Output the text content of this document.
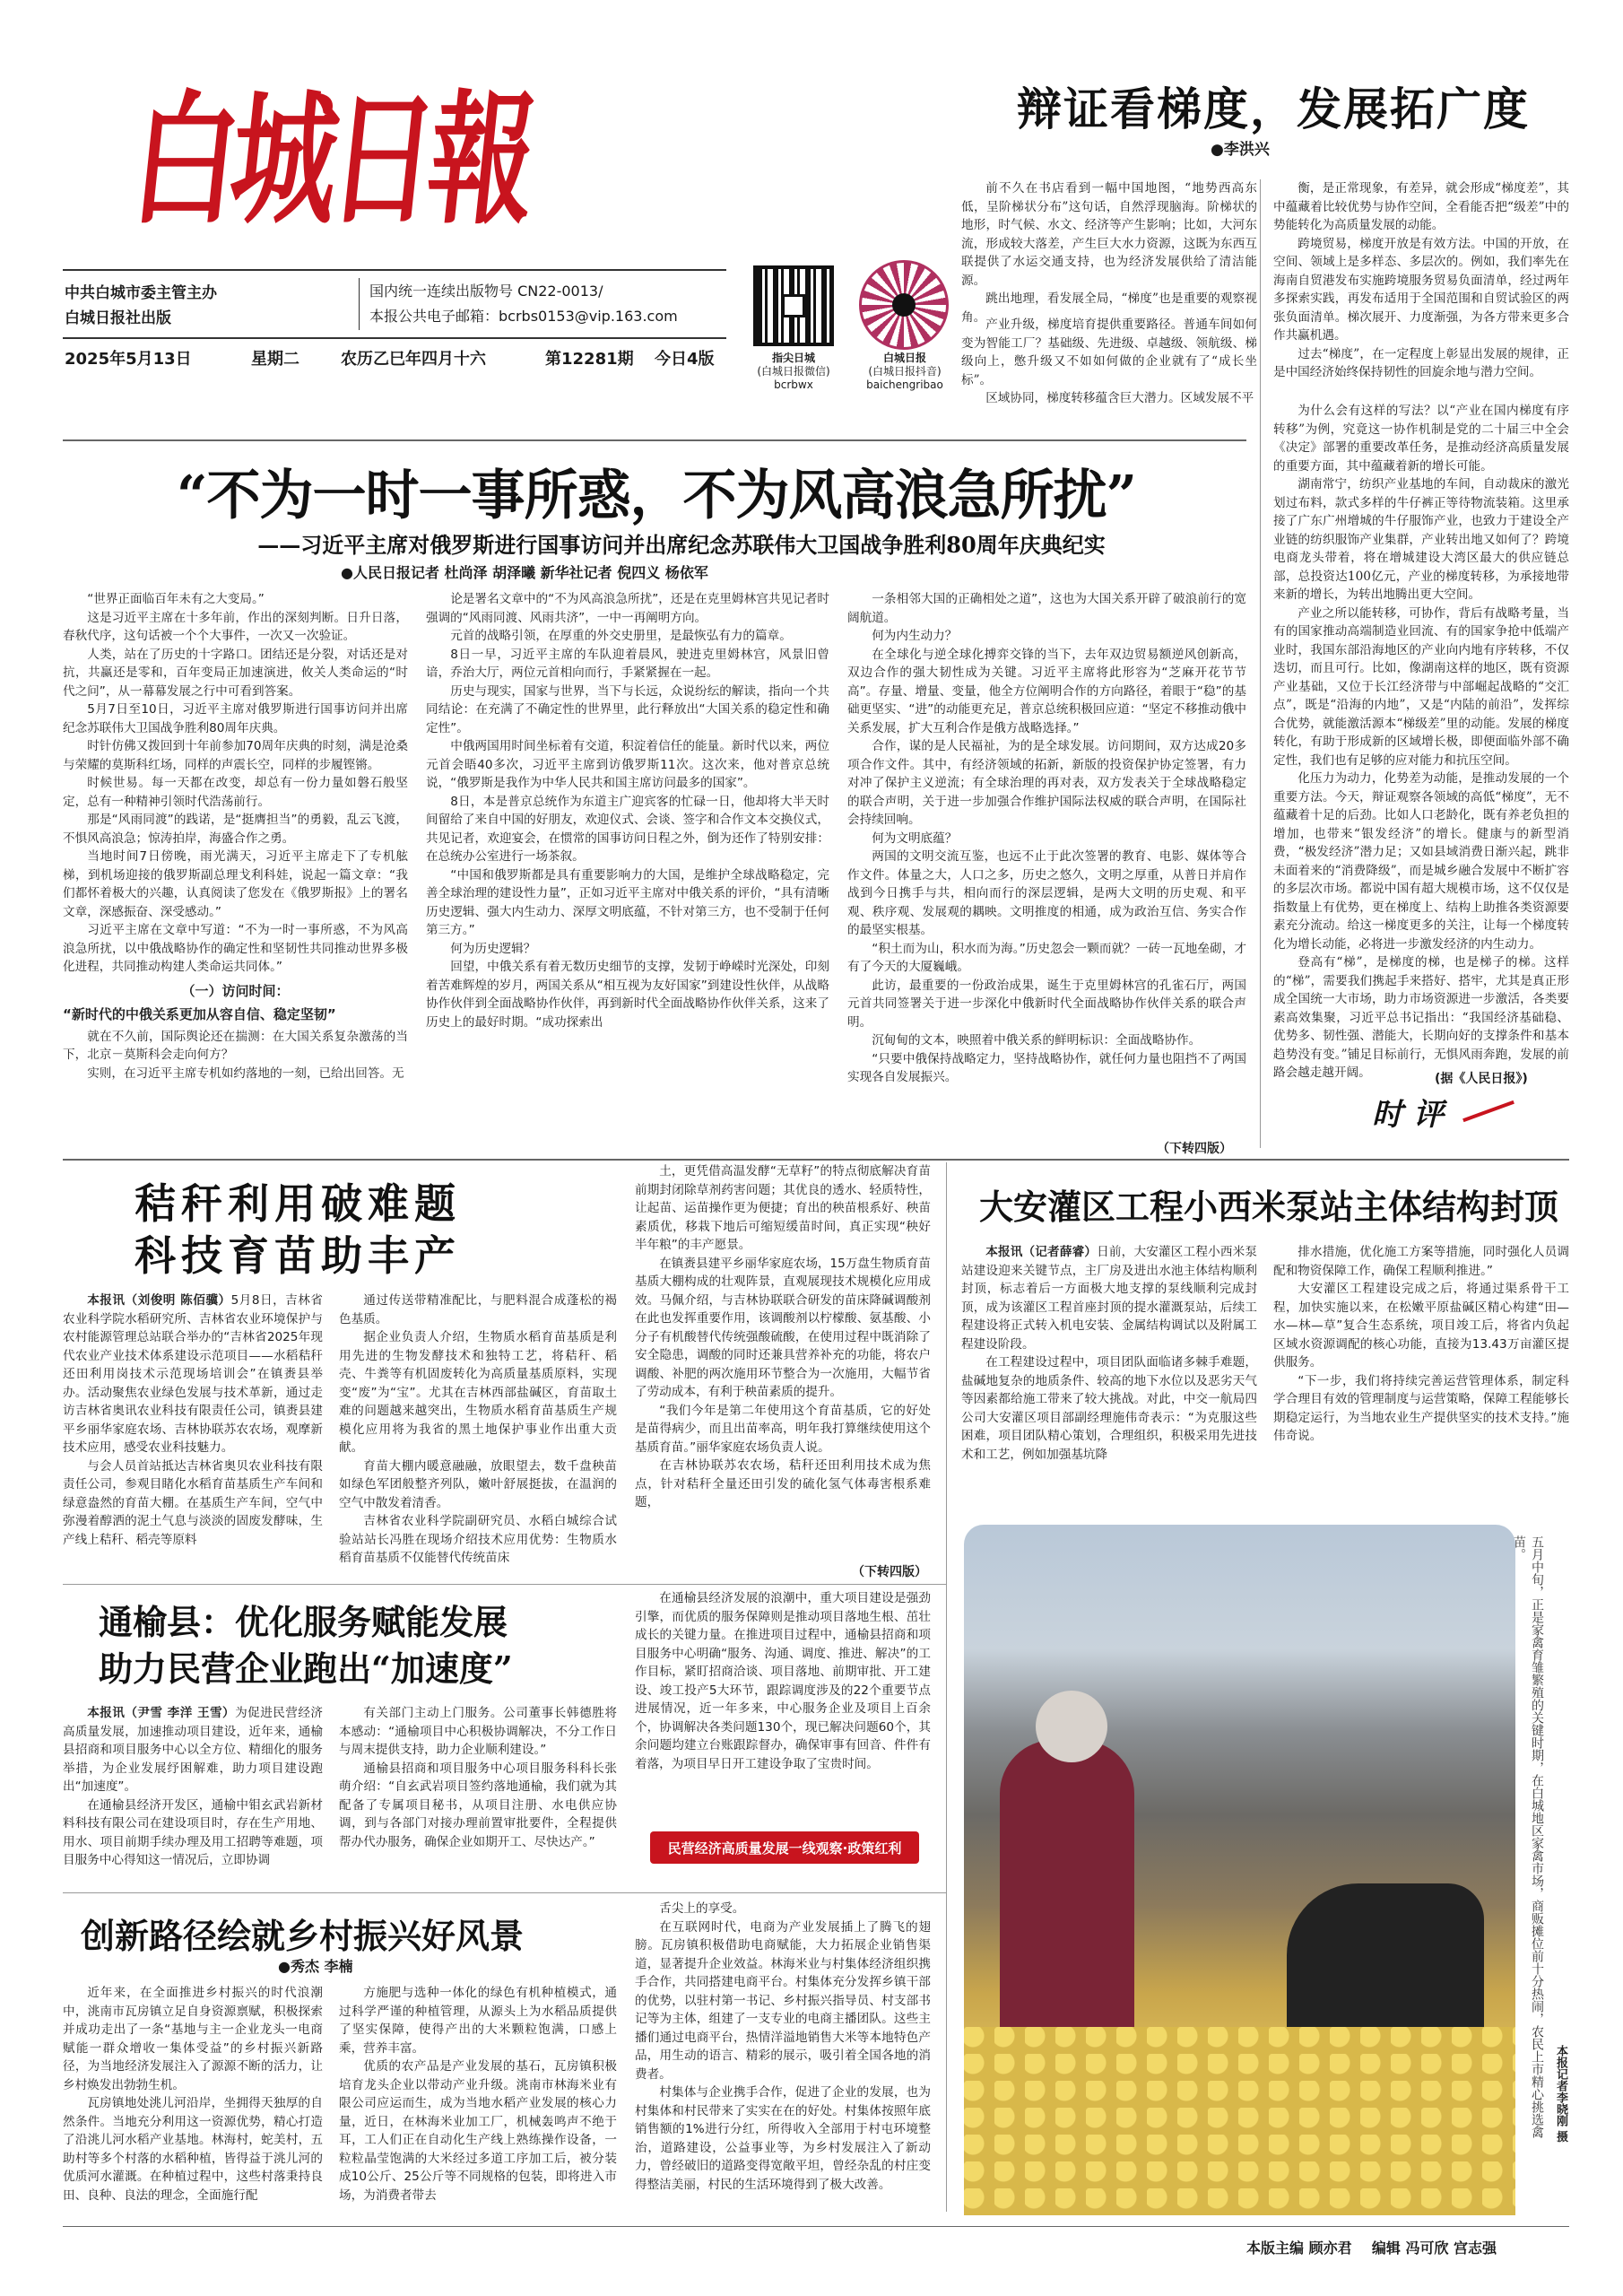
白城日報
中共白城市委主管主办
白城日报社出版
国内统一连续出版物号 CN22-0013/
本报公共电子邮箱：bcrbs0153@vip.163.com
2025年5月13日	星期二	农历乙巳年四月十六	第12281期 今日4版	指尖日城
(白城日报微信)
bcrbwx
白城日报
(白城日报抖音)
baichengribao
辩证看梯度，发展拓广度
●李洪兴

前不久在书店看到一幅中国地图，“地势西高东低，呈阶梯状分布”这句话，自然浮现脑海。阶梯状的地形，时气候、水文、经济等产生影响；比如，大河东流，形成较大落差，产生巨大水力资源，这既为东西互联提供了水运交通支持，也为经济发展供给了清洁能源。

跳出地理，看发展全局，“梯度”也是重要的观察视角。

产业升级，梯度培育提供重要路径。普通车间如何变为智能工厂？基础级、先进级、卓越级、领航级、梯级向上，憋升级又不如如何做的企业就有了“成长坐标”。

区域协同，梯度转移蕴含巨大潜力。区域发展不平

衡，是正常现象，有差异，就会形成“梯度差”，其中蕴藏着比较优势与协作空间，全看能否把“级差”中的势能转化为高质量发展的动能。

跨境贸易，梯度开放是有效方法。中国的开放，在空间、领域上是多样态、多层次的。例如，我们率先在海南自贸港发布实施跨境服务贸易负面清单，经过两年多探索实践，再发布适用于全国范围和自贸试验区的两张负面清单。梯次展开、力度渐强，为各方带来更多合作共赢机遇。

过去“梯度”，在一定程度上彰显出发展的规律，正是中国经济始终保持韧性的回旋余地与潜力空间。

为什么会有这样的写法？以“产业在国内梯度有序转移”为例，究竟这一协作机制是党的二十届三中全会《决定》部署的重要改革任务，是推动经济高质量发展的重要方面，其中蕴藏着新的增长可能。

湖南常宁，纺织产业基地的车间，自动裁床的激光划过布料，款式多样的牛仔裤正等待物流装箱。这里承接了广东广州增城的牛仔服饰产业，也致力于建设全产业链的纺织服饰产业集群，产业转出地又如何了？跨境电商龙头带着，将在增城建设大湾区最大的供应链总部，总投资达100亿元，产业的梯度转移，为承接地带来新的增长，为转出地腾出更大空间。

产业之所以能转移，可协作，背后有战略考量，当有的国家推动高端制造业回流、有的国家争抢中低端产业时，我国东部沿海地区的产业向内地有序转移，不仅迭切，而且可行。比如，像湖南这样的地区，既有资源产业基础，又位于长江经济带与中部崛起战略的“交汇点”，既是“沿海的内地”，又是“内陆的前沿”，发挥综合优势，就能激活源本“梯级差”里的动能。发展的梯度转化，有助于形成新的区域增长极，即便面临外部不确定性，我们也有足够的应对能力和抗压空间。

化压力为动力，化势差为动能，是推动发展的一个重要方法。今天，辩证观察各领域的高低“梯度”，无不蕴藏着十足的后劲。比如人口老龄化，既有养老负担的增加，也带来“银发经济”的增长。健康与的新型消费，“极发经济”潜力足；又如县域消费日渐兴起，跳非未面着来的“消费降级”，而是城乡融合发展中不断扩容的多层次市场。都说中国有超大规模市场，这不仅仅是指数量上有优势，更在梯度上、结构上助推各类资源要素充分流动。给这一梯度更多的关注，让每一个梯度转化为增长动能，必将进一步激发经济的内生动力。

登高有“梯”，是梯度的梯，也是梯子的梯。这样的“梯”，需要我们携起手来搭好、搭牢，尤其是真正形成全国统一大市场，助力市场资源进一步激活，各类要素高效集聚，习近平总书记指出：“我国经济基础稳、优势多、韧性强、潜能大，长期向好的支撑条件和基本趋势没有变。”铺足目标前行，无惧风雨奔跑，发展的前路会越走越开阔。	(据《人民日报》)
时 评
“不为一时一事所惑，不为风高浪急所扰”
——习近平主席对俄罗斯进行国事访问并出席纪念苏联伟大卫国战争胜利80周年庆典纪实
●人民日报记者 杜尚泽 胡泽曦 新华社记者 倪四义 杨依军

“世界正面临百年未有之大变局。”

这是习近平主席在十多年前，作出的深刻判断。日升日落，春秋代序，这句话被一个个大事件，一次又一次验证。

人类，站在了历史的十字路口。团结还是分裂，对话还是对抗，共赢还是零和，百年变局正加速演进，攸关人类命运的“时代之问”，从一幕幕发展之行中可看到答案。

5月7日至10日，习近平主席对俄罗斯进行国事访问并出席纪念苏联伟大卫国战争胜利80周年庆典。

时针仿佛又拨回到十年前参加70周年庆典的时刻，满是沧桑与荣耀的莫斯科红场，同样的声震长空，同样的步履铿锵。

时候世易。每一天都在改变，却总有一份力量如磐石般坚定，总有一种精神引领时代浩荡前行。

那是“风雨同渡”的践诺，是“挺膺担当”的勇毅，乱云飞渡，不惧风高浪急；惊涛拍岸，海盛合作之勇。

当地时间7日傍晚，雨光满天，习近平主席走下了专机舷梯，到机场迎接的俄罗斯副总理戈利科娃，说起一篇文章：“我们都怀着极大的兴趣，认真阅读了您发在《俄罗斯报》上的署名文章，深感振奋、深受感动。”

习近平主席在文章中写道：“不为一时一事所惑，不为风高浪急所扰，以中俄战略协作的确定性和坚韧性共同推动世界多极化进程，共同推动构建人类命运共同体。”

（一）访问时间：
“新时代的中俄关系更加从容自信、稳定坚韧”

就在不久前，国际舆论还在揣测：在大国关系复杂激荡的当下，北京－莫斯科会走向何方？

实则，在习近平主席专机如约落地的一刻，已给出回答。无

论是署名文章中的“不为风高浪急所扰”，还是在克里姆林宫共见记者时强调的“风雨同渡、风雨共济”，一中一再阐明方向。

元首的战略引领，在厚重的外交史册里，是最恢弘有力的篇章。

8日一早，习近平主席的车队迎着晨风，驶进克里姆林宫，风景旧曾谙，乔治大厅，两位元首相向而行，手紧紧握在一起。

历史与现实，国家与世界，当下与长远，众说纷纭的解读，指向一个共同结论：在充满了不确定性的世界里，此行释放出“大国关系的稳定性和确定性”。

中俄两国用时间坐标着有交道，积淀着信任的能量。新时代以来，两位元首会晤40多次，习近平主席到访俄罗斯11次。这次来，他对普京总统说，“俄罗斯是我作为中华人民共和国主席访问最多的国家”。

8日，本是普京总统作为东道主广迎宾客的忙碌一日，他却将大半天时间留给了来自中国的好朋友，欢迎仪式、会谈、签字和合作文本交换仪式，共见记者，欢迎宴会，在惯常的国事访问日程之外，倒为还作了特别安排：在总统办公室进行一场茶叙。

“中国和俄罗斯都是具有重要影响力的大国，是维护全球战略稳定，完善全球治理的建设性力量”，正如习近平主席对中俄关系的评价，“具有清晰历史逻辑、强大内生动力、深厚文明底蕴，不针对第三方，也不受制于任何第三方。”

何为历史逻辑？

回望，中俄关系有着无数历史细节的支撑，发韧于峥嵘时光深处，印刻着苦难辉煌的岁月，两国关系从“相互视为友好国家”到建设性伙伴，从战略协作伙伴到全面战略协作伙伴，再到新时代全面战略协作伙伴关系，这来了历史上的最好时期。“成功探索出

一条相邻大国的正确相处之道”，这也为大国关系开辟了破浪前行的宽阔航道。

何为内生动力？

在全球化与逆全球化搏弈交锋的当下，去年双边贸易额逆风创新高，双边合作的强大韧性成为关键。习近平主席将此形容为“芝麻开花节节高”。存量、增量、变量，他全方位阐明合作的方向路径，着眼于“稳”的基础更坚实、“进”的动能更充足，普京总统积极回应道：“坚定不移推动俄中关系发展，扩大互利合作是俄方战略选择。”

合作，谋的是人民福祉，为的是全球发展。访问期间，双方达成20多项合作文件。其中，有经济领域的拓新，新版的投资保护协定签署，有力对冲了保护主义逆流；有全球治理的再对表，双方发表关于全球战略稳定的联合声明，关于进一步加强合作维护国际法权威的联合声明，在国际社会持续回响。

何为文明底蕴？

两国的文明交流互鉴，也远不止于此次签署的教育、电影、媒体等合作文件。体量之大，人口之多，历史之悠久，文明之厚重，从普日并肩作战到今日携手与共，相向而行的深层逻辑，是两大文明的历史观、和平观、秩序观、发展观的耦映。文明推度的相通，成为政治互信、务实合作的最坚实根基。

“积土而为山，积水而为海。”历史忽会一颗而就？一砖一瓦地垒砌，才有了今天的大厦巍峨。

此访，最重要的一份政治成果，诞生于克里姆林宫的孔雀石厅，两国元首共同签署关于进一步深化中俄新时代全面战略协作伙伴关系的联合声明。

沉甸甸的文本，映照着中俄关系的鲜明标识：全面战略协作。

“只要中俄保持战略定力，坚持战略协作，就任何力量也阻挡不了两国实现各自发展振兴。

（下转四版）
秸秆利用破难题
科技育苗助丰产

本报讯（刘俊明 陈佰骥）5月8日，吉林省农业科学院水稻研究所、吉林省农业环境保护与农村能源管理总站联合举办的“吉林省2025年现代农业产业技术体系建设示范项目——水稻秸秆还田利用岗技术示范现场培训会”在镇赉县举办。活动聚焦农业绿色发展与技术革新，通过走访吉林省奥讯农业科技有限责任公司，镇赉县建平乡丽华家庭农场、吉林协联苏农农场，观摩新技术应用，感受农业科技魅力。

与会人员首站抵达吉林省奥贝农业科技有限责任公司，参观目睹化水稻育苗基质生产车间和绿意盎然的育苗大棚。在基质生产车间，空气中弥漫着醇洒的泥土气息与淡淡的固废发酵味，生产线上秸秆、稻壳等原料

通过传送带精准配比，与肥料混合成蓬松的褐色基质。

据企业负责人介绍，生物质水稻育苗基质是利用先进的生物发酵技术和独特工艺，将秸秆、稻壳、牛粪等有机固废转化为高质量基质原料，实现变“废”为“宝”。尤其在吉林西部盐碱区，育苗取土难的问题越来越突出，生物质水稻育苗基质生产规模化应用将为我省的黑土地保护事业作出重大贡献。

育苗大棚内暖意融融，放眼望去，数千盘秧苗如绿色军团般整齐列队，嫩叶舒展挺拔，在温润的空气中散发着清香。

吉林省农业科学院副研究员、水稻白城综合试验站站长冯胜在现场介绍技术应用优势：生物质水稻育苗基质不仅能替代传统苗床

土，更凭借高温发酵“无草籽”的特点彻底解决育苗前期封闭除草剂药害问题；其优良的透水、轻质特性，让起苗、运苗操作更为便捷；育出的秧苗根系好、秧苗素质优，移栽下地后可缩短缓苗时间，真正实现“秧好半年粮”的丰产愿景。

在镇赉县建平乡丽华家庭农场，15万盘生物质育苗基质大棚构成的壮观阵景，直观展现技术规模化应用成效。马佩介绍，与吉林协联联合研发的苗床降碱调酸剂在此也发挥重要作用，该调酸剂以柠檬酸、氨基酸、小分子有机酸替代传统强酸硫酸，在使用过程中既消除了安全隐患，调酸的同时还兼具营养补充的功能，将农户调酸、补肥的两次施用环节整合为一次施用，大幅节省了劳动成本，有利于秧苗素质的提升。

“我们今年是第二年使用这个育苗基质，它的好处是苗得病少，而且出苗率高，明年我打算继续使用这个基质育苗。”丽华家庭农场负责人说。

在吉林协联苏农农场，秸秆还田利用技术成为焦点，针对秸秆全量还田引发的硫化氢气体毒害根系难题，

（下转四版）
大安灌区工程小西米泵站主体结构封顶

本报讯（记者薛睿）日前，大安灌区工程小西米泵站建设迎来关键节点，主厂房及进出水池主体结构顺利封顶，标志着后一方面极大地支撑的泵线顺利完成封顶，成为该灌区工程首座封顶的提水灌溉泵站，后续工程建设将正式转入机电安装、金属结构调试以及附属工程建设阶段。

在工程建设过程中，项目团队面临诸多棘手难题，盐碱地复杂的地质条件、较高的地下水位以及恶劣天气等因素都给施工带来了较大挑战。对此，中交一航局四公司大安灌区项目部副经理施伟奇表示：“为克服这些困难，项目团队精心策划，合理组织，积极采用先进技术和工艺，例如加强基坑降

排水措施，优化施工方案等措施，同时强化人员调配和物资保障工作，确保工程顺利推进。”

大安灌区工程建设完成之后，将通过渠系骨干工程，加快实施以来，在松嫩平原盐碱区精心构建“田—水—林—草”复合生态系统，项目竣工后，将省内负起区域水资源调配的核心功能，直接为13.43万亩灌区提供服务。

“下一步，我们将持续完善运营管理体系，制定科学合理目有效的管理制度与运营策略，保障工程能够长期稳定运行，为当地农业生产提供坚实的技术支持。”施伟奇说。

五月中旬，正是家禽育雏繁殖的关键时期，在白城地区家禽市场，商贩摊位前十分热闹，农民上市精心挑选禽苗。
本报记者李晓刚 摄
通榆县：优化服务赋能发展
助力民营企业跑出“加速度”

本报讯（尹雪 李洋 王雪）为促进民营经济高质量发展，加速推动项目建设，近年来，通榆县招商和项目服务中心以全方位、精细化的服务举措，为企业发展纾困解难，助力项目建设跑出“加速度”。

在通榆县经济开发区，通榆中钼玄武岩新材料科技有限公司在建设项目时，存在生产用地、用水、项目前期手续办理及用工招聘等难题，项目服务中心得知这一情况后，立即协调

有关部门主动上门服务。公司董事长韩德胜将本感动：“通榆项目中心积极协调解决，不分工作日与周末提供支持，助力企业顺利建设。”

通榆县招商和项目服务中心项目服务科科长张萌介绍：“自玄武岩项目签约落地通榆，我们就为其配备了专属项目秘书，从项目注册、水电供应协调，到与各部门对接办理前置审批要件，全程提供帮办代办服务，确保企业如期开工、尽快达产。”

在通榆县经济发展的浪潮中，重大项目建设是强劲引擎，而优质的服务保障则是推动项目落地生根、茁壮成长的关键力量。在推进项目过程中，通榆县招商和项目服务中心明确“服务、沟通、调度、推进、解决”的工作目标，紧盯招商洽谈、项目落地、前期审批、开工建设、竣工投产5大环节，跟踪调度涉及的22个重要节点进展情况，近一年多来，中心服务企业及项目上百余个，协调解决各类问题130个，现已解决问题60个，其余问题均建立台账跟踪督办，确保审事有回音、件件有着落，为项目早日开工建设争取了宝贵时间。

民营经济高质量发展一线观察·政策红利
创新路径绘就乡村振兴好风景
●秀杰 李楠

近年来，在全面推进乡村振兴的时代浪潮中，洮南市瓦房镇立足自身资源禀赋，积极探索并成功走出了一条“基地与主一企业龙头一电商赋能一群众增收一集体受益”的乡村振兴新路径，为当地经济发展注入了源源不断的活力，让乡村焕发出勃勃生机。

瓦房镇地处洮儿河沿岸，坐拥得天独厚的自然条件。当地充分利用这一资源优势，精心打造了沿洮儿河水稻产业基地。林海村，蛇美村，五助村等多个村落的水稻种植，皆得益于洮儿河的优质河水灌溉。在种植过程中，这些村落秉持良田、良种、良法的理念，全面施行配

方施肥与选种一体化的绿色有机种植模式，通过科学严谨的种植管理，从源头上为水稻品质提供了坚实保障，使得产出的大米颗粒饱满，口感上乘，营养丰富。

优质的农产品是产业发展的基石，瓦房镇积极培育龙头企业以带动产业升级。洮南市林海米业有限公司应运而生，成为当地水稻产业发展的核心力量，近日，在林海米业加工厂，机械轰鸣声不绝于耳，工人们正在自动化生产线上熟练操作设备，一粒粒晶莹饱满的大米经过多道工序加工后，被分装成10公斤、25公斤等不同规格的包装，即将进入市场，为消费者带去

舌尖上的享受。

在互联网时代，电商为产业发展插上了腾飞的翅膀。瓦房镇积极借助电商赋能，大力拓展企业销售渠道，显著提升企业效益。林海米业与村集体经济组织携手合作，共同搭建电商平台。村集体充分发挥乡镇干部的优势，以驻村第一书记、乡村振兴指导员、村支部书记等为主体，组建了一支专业的电商主播团队。这些主播们通过电商平台，热情洋溢地销售大米等本地特色产品，用生动的语言、精彩的展示，吸引着全国各地的消费者。

村集体与企业携手合作，促进了企业的发展，也为村集体和村民带来了实实在在的好处。村集体按照年底销售额的1%进行分红，所得收入全部用于村屯环境整治，道路建设，公益事业等，为乡村发展注入了新动力，曾经破旧的道路变得宽敞平坦，曾经杂乱的村庄变得整洁美丽，村民的生活环境得到了极大改善。

本版主编 顾亦君 编辑 冯可欣 宫志强
